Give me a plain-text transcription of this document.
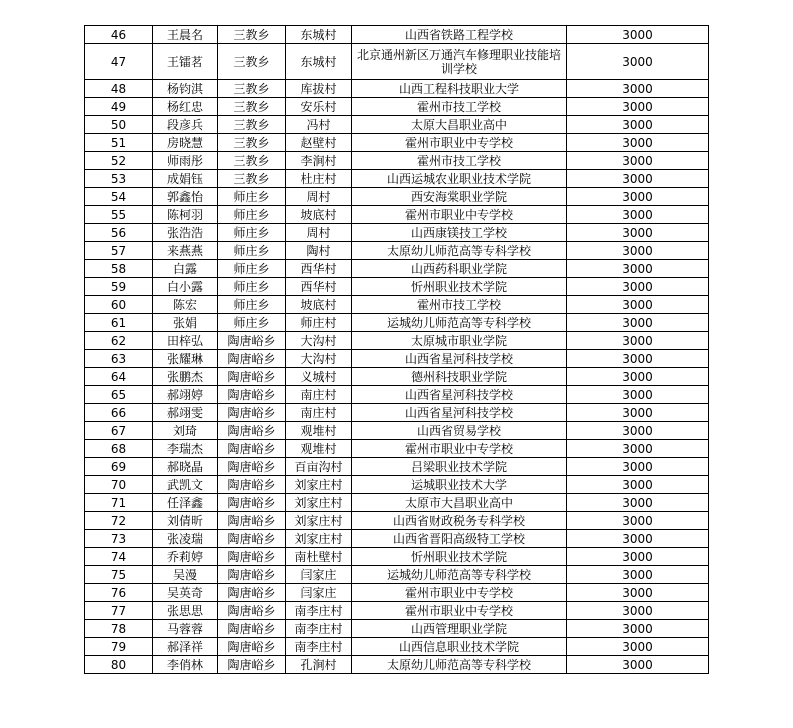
46	王晨名	三教乡	东城村	山西省铁路工程学校	3000
47	王镭茗	三教乡	东城村	北京通州新区万通汽车修理职业技能培训学校	3000
48	杨钧淇	三教乡	库拔村	山西工程科技职业大学	3000
49	杨红忠	三教乡	安乐村	霍州市技工学校	3000
50	段彦兵	三教乡	冯村	太原大昌职业高中	3000
51	房晓慧	三教乡	赵壁村	霍州市职业中专学校	3000
52	师雨彤	三教乡	李涧村	霍州市技工学校	3000
53	成娟钰	三教乡	杜庄村	山西运城农业职业技术学院	3000
54	郭鑫怡	师庄乡	周村	西安海棠职业学院	3000
55	陈柯羽	师庄乡	坡底村	霍州市职业中专学校	3000
56	张浩浩	师庄乡	周村	山西康镁技工学校	3000
57	来燕燕	师庄乡	陶村	太原幼儿师范高等专科学校	3000
58	白露	师庄乡	西华村	山西药科职业学院	3000
59	白小露	师庄乡	西华村	忻州职业技术学院	3000
60	陈宏	师庄乡	坡底村	霍州市技工学校	3000
61	张娟	师庄乡	师庄村	运城幼儿师范高等专科学校	3000
62	田梓弘	陶唐峪乡	大沟村	太原城市职业学院	3000
63	张耀琳	陶唐峪乡	大沟村	山西省星河科技学校	3000
64	张鹏杰	陶唐峪乡	义城村	德州科技职业学院	3000
65	郝翊婷	陶唐峪乡	南庄村	山西省星河科技学校	3000
66	郝翊雯	陶唐峪乡	南庄村	山西省星河科技学校	3000
67	刘琦	陶唐峪乡	观堆村	山西省贸易学校	3000
68	李瑞杰	陶唐峪乡	观堆村	霍州市职业中专学校	3000
69	郝晓晶	陶唐峪乡	百亩沟村	吕梁职业技术学院	3000
70	武凯文	陶唐峪乡	刘家庄村	运城职业技术大学	3000
71	任泽鑫	陶唐峪乡	刘家庄村	太原市大昌职业高中	3000
72	刘倩昕	陶唐峪乡	刘家庄村	山西省财政税务专科学校	3000
73	张凌瑞	陶唐峪乡	刘家庄村	山西省晋阳高级特工学校	3000
74	乔莉婷	陶唐峪乡	南杜壁村	忻州职业技术学院	3000
75	吴漫	陶唐峪乡	闫家庄	运城幼儿师范高等专科学校	3000
76	吴英奇	陶唐峪乡	闫家庄	霍州市职业中专学校	3000
77	张思思	陶唐峪乡	南李庄村	霍州市职业中专学校	3000
78	马蓉蓉	陶唐峪乡	南李庄村	山西管理职业学院	3000
79	郝泽祥	陶唐峪乡	南李庄村	山西信息职业技术学院	3000
80	李俏林	陶唐峪乡	孔涧村	太原幼儿师范高等专科学校	3000
